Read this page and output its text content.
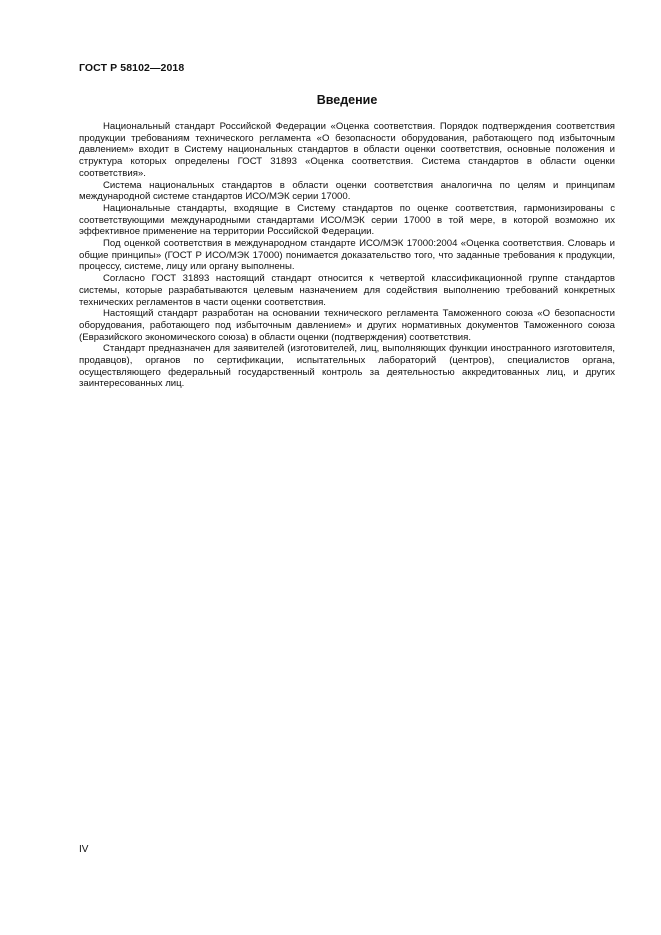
ГОСТ Р 58102—2018
Введение

Национальный стандарт Российской Федерации «Оценка соответствия. Порядок подтверждения соответствия продукции требованиям технического регламента «О безопасности оборудования, работающего под избыточным давлением» входит в Систему национальных стандартов в области оценки соответствия, основные положения и структура которых определены ГОСТ 31893 «Оценка соответствия. Система стандартов в области оценки соответствия».

Система национальных стандартов в области оценки соответствия аналогична по целям и принципам международной системе стандартов ИСО/МЭК серии 17000.

Национальные стандарты, входящие в Систему стандартов по оценке соответствия, гармонизированы с соответствующими международными стандартами ИСО/МЭК серии 17000 в той мере, в которой возможно их эффективное применение на территории Российской Федерации.

Под оценкой соответствия в международном стандарте ИСО/МЭК 17000:2004 «Оценка соответствия. Словарь и общие принципы» (ГОСТ Р ИСО/МЭК 17000) понимается доказательство того, что заданные требования к продукции, процессу, системе, лицу или органу выполнены.

Согласно ГОСТ 31893 настоящий стандарт относится к четвертой классификационной группе стандартов системы, которые разрабатываются целевым назначением для содействия выполнению требований конкретных технических регламентов в части оценки соответствия.

Настоящий стандарт разработан на основании технического регламента Таможенного союза «О безопасности оборудования, работающего под избыточным давлением» и других нормативных документов Таможенного союза (Евразийского экономического союза) в области оценки (подтверждения) соответствия.

Стандарт предназначен для заявителей (изготовителей, лиц, выполняющих функции иностранного изготовителя, продавцов), органов по сертификации, испытательных лабораторий (центров), специалистов органа, осуществляющего федеральный государственный контроль за деятельностью аккредитованных лиц, и других заинтересованных лиц.

IV
